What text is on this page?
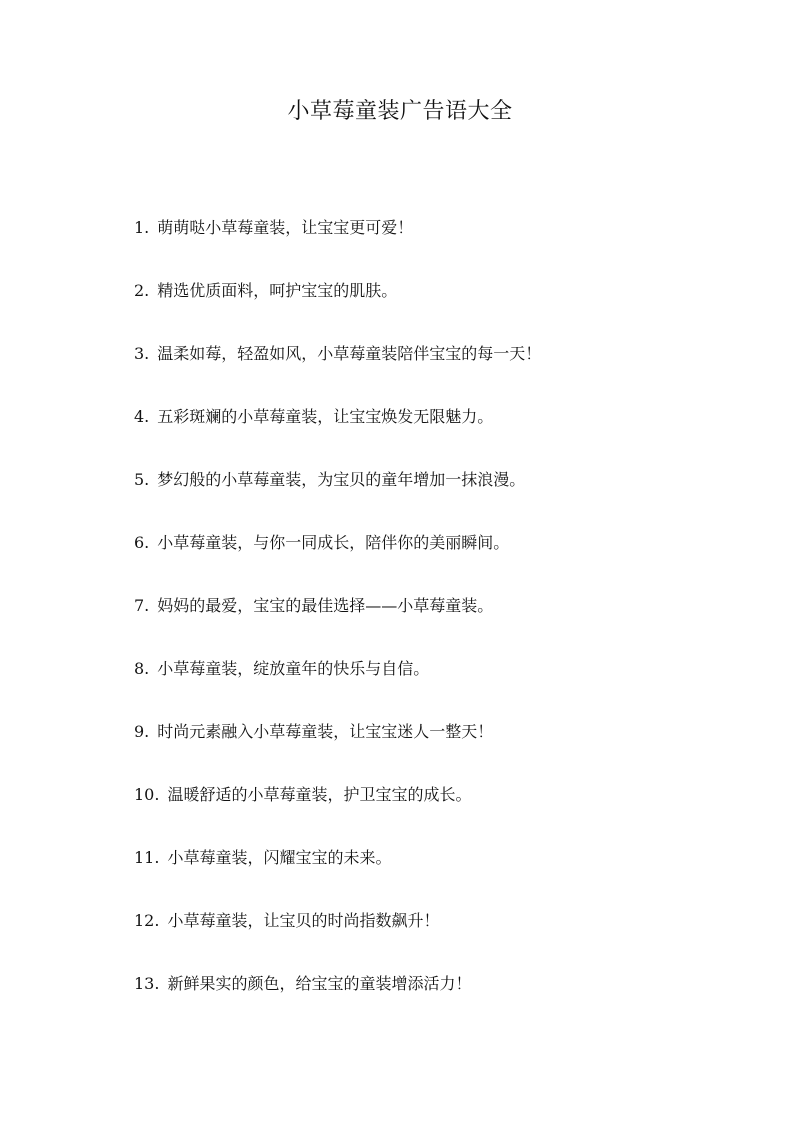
小草莓童装广告语大全
1. 萌萌哒小草莓童装，让宝宝更可爱！
2. 精选优质面料，呵护宝宝的肌肤。
3. 温柔如莓，轻盈如风，小草莓童装陪伴宝宝的每一天！
4. 五彩斑斓的小草莓童装，让宝宝焕发无限魅力。
5. 梦幻般的小草莓童装，为宝贝的童年增加一抹浪漫。
6. 小草莓童装，与你一同成长，陪伴你的美丽瞬间。
7. 妈妈的最爱，宝宝的最佳选择——小草莓童装。
8. 小草莓童装，绽放童年的快乐与自信。
9. 时尚元素融入小草莓童装，让宝宝迷人一整天！
10. 温暖舒适的小草莓童装，护卫宝宝的成长。
11. 小草莓童装，闪耀宝宝的未来。
12. 小草莓童装，让宝贝的时尚指数飙升！
13. 新鲜果实的颜色，给宝宝的童装增添活力！
